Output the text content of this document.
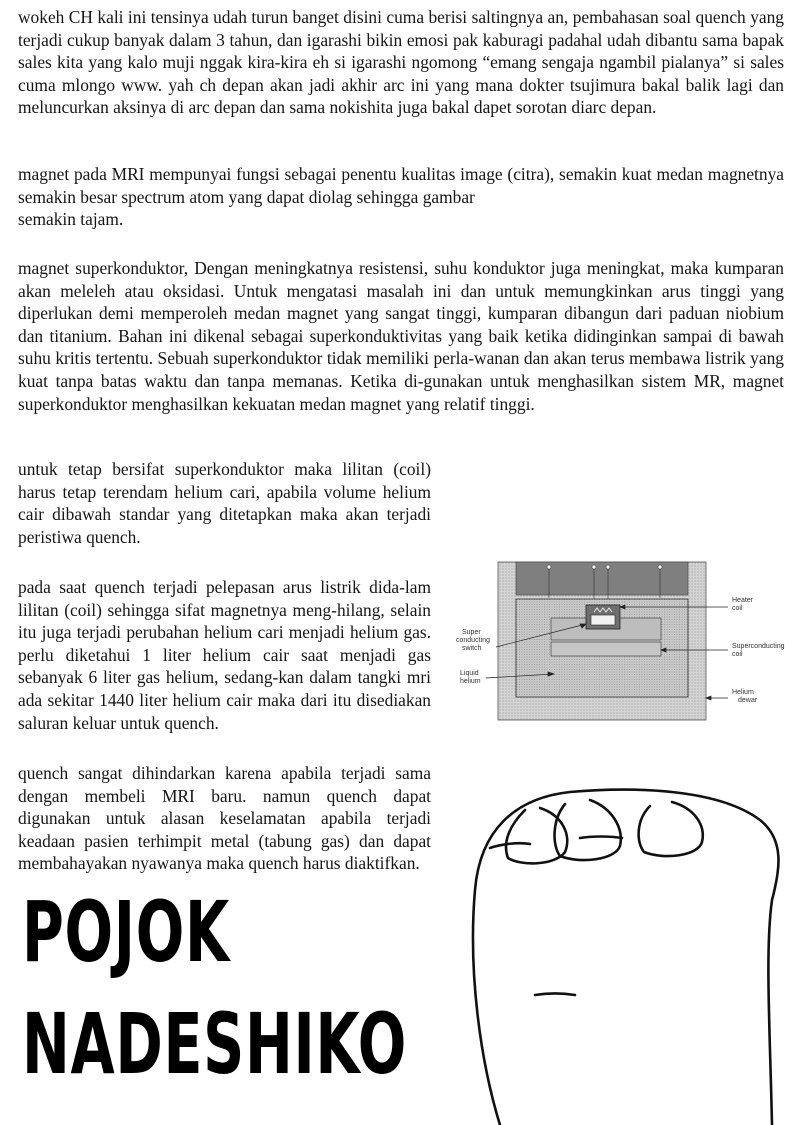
wokeh CH kali ini tensinya udah turun banget disini cuma berisi saltingnya an, pembahasan soal quench yang terjadi cukup banyak dalam 3 tahun, dan igarashi bikin emosi pak kaburagi padahal udah dibantu sama bapak sales kita yang kalo muji nggak kira-kira eh si igarashi ngomong “emang sengaja ngambil pialanya” si sales cuma mlongo www. yah ch depan akan jadi akhir arc ini yang mana dokter tsujimura bakal balik lagi dan meluncurkan aksinya di arc depan dan sama nokishita juga bakal dapet sorotan diarc depan.

magnet pada MRI mempunyai fungsi sebagai penentu kualitas image (citra), semakin kuat medan magnetnya semakin besar spectrum atom yang dapat diolag sehingga gambar
semakin tajam.

magnet superkonduktor, Dengan meningkatnya resistensi, suhu konduktor juga meningkat, maka kumparan akan meleleh atau oksidasi. Untuk mengatasi masalah ini dan untuk memungkinkan arus tinggi yang diperlukan demi memperoleh medan magnet yang sangat tinggi, kumparan dibangun dari paduan niobium dan titanium. Bahan ini dikenal sebagai superkonduktivitas yang baik ketika didinginkan sampai di bawah suhu kritis tertentu. Sebuah superkonduktor tidak memiliki perla-wanan dan akan terus membawa listrik yang kuat tanpa batas waktu dan tanpa memanas. Ketika di-gunakan untuk menghasilkan sistem MR, magnet superkonduktor menghasilkan kekuatan medan magnet yang relatif tinggi.

untuk tetap bersifat superkonduktor maka lilitan (coil) harus tetap terendam helium cari, apabila volume helium cair dibawah standar yang ditetapkan maka akan terjadi peristiwa quench.

pada saat quench terjadi pelepasan arus listrik dida-lam lilitan (coil) sehingga sifat magnetnya meng-hilang, selain itu juga terjadi perubahan helium cari menjadi helium gas. perlu diketahui 1 liter helium cair saat menjadi gas sebanyak 6 liter gas helium, sedang-kan dalam tangki mri ada sekitar 1440 liter helium cair maka dari itu disediakan saluran keluar untuk quench.

quench sangat dihindarkan karena apabila terjadi sama dengan membeli MRI baru. namun quench dapat digunakan untuk alasan keselamatan apabila terjadi keadaan pasien terhimpit metal (tabung gas) dan dapat membahayakan nyawanya maka quench harus diaktifkan.

Heater
coil
Super
conducting
switch	Superconducting
coil
Liquid
helium
Helium
dewar
POJOK
NADESHIKO
